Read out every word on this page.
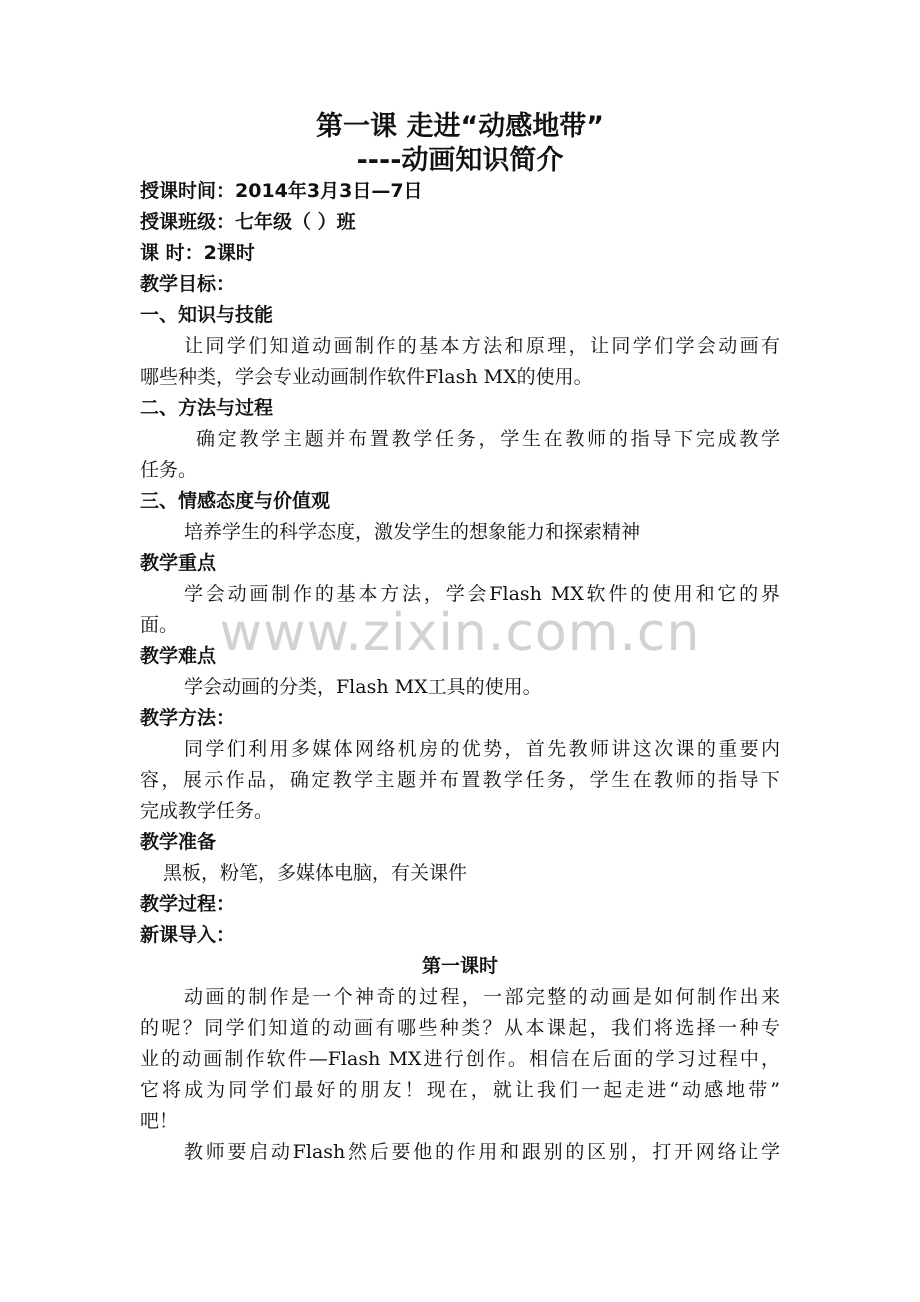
第一课 走进“动感地带”
----动画知识简介
授课时间：2014年3月3日—7日
授课班级：七年级（ ）班
课 时：2课时
教学目标：
一、知识与技能
让同学们知道动画制作的基本方法和原理，让同学们学会动画有
哪些种类，学会专业动画制作软件Flash MX的使用。
二、方法与过程
确定教学主题并布置教学任务，学生在教师的指导下完成教学
任务。
三、情感态度与价值观
培养学生的科学态度，激发学生的想象能力和探索精神
教学重点
学会动画制作的基本方法，学会Flash MX软件的使用和它的界
面。
教学难点
学会动画的分类，Flash MX工具的使用。
教学方法：
同学们利用多媒体网络机房的优势，首先教师讲这次课的重要内
容，展示作品，确定教学主题并布置教学任务，学生在教师的指导下
完成教学任务。
教学准备
黑板，粉笔，多媒体电脑，有关课件
教学过程：
新课导入：
第一课时
动画的制作是一个神奇的过程，一部完整的动画是如何制作出来
的呢？同学们知道的动画有哪些种类？从本课起，我们将选择一种专
业的动画制作软件—Flash MX进行创作。相信在后面的学习过程中，
它将成为同学们最好的朋友！现在，就让我们一起走进“动感地带”
吧！
教师要启动Flash然后要他的作用和跟别的区别，打开网络让学
www.zixin.com.cn
